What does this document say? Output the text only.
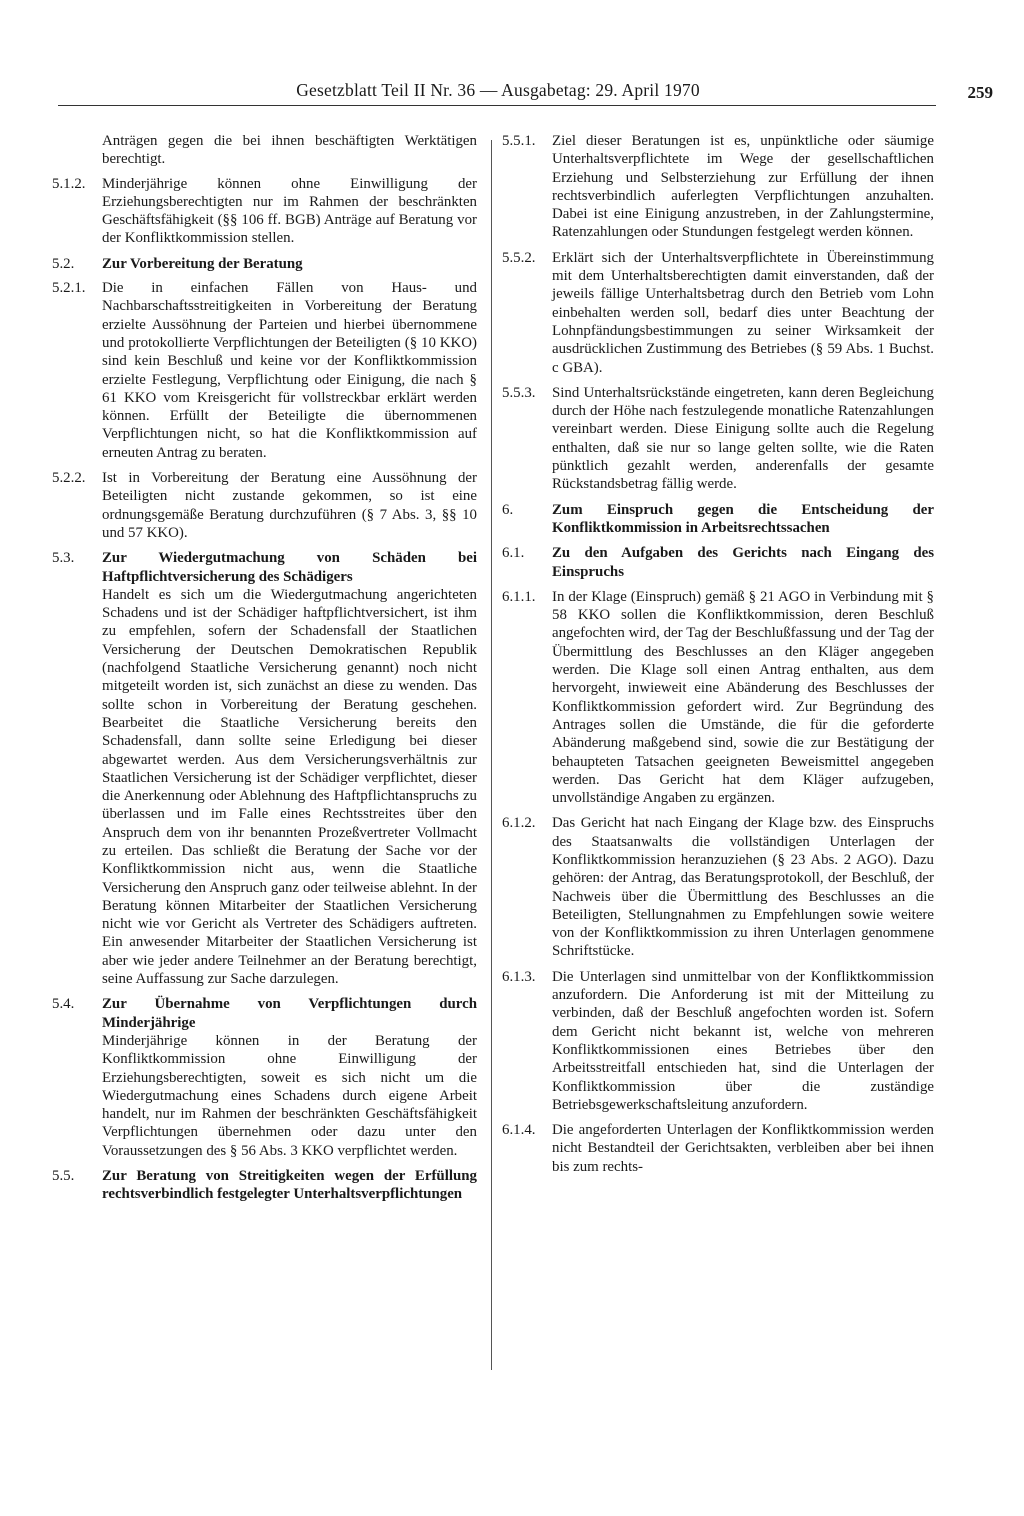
Gesetzblatt Teil II Nr. 36 — Ausgabetag: 29. April 1970	259
Anträgen gegen die bei ihnen beschäftigten Werktätigen berechtigt.
5.1.2.	Minderjährige können ohne Einwilligung der Erziehungsberechtigten nur im Rahmen der beschränkten Geschäftsfähigkeit (§§ 106 ff. BGB) Anträge auf Beratung vor der Konfliktkommission stellen.
5.2.	Zur Vorbereitung der Beratung
5.2.1.	Die in einfachen Fällen von Haus- und Nachbarschaftsstreitigkeiten in Vorbereitung der Beratung erzielte Aussöhnung der Parteien und hierbei übernommene und protokollierte Verpflichtungen der Beteiligten (§ 10 KKO) sind kein Beschluß und keine vor der Konfliktkommission erzielte Festlegung, Verpflichtung oder Einigung, die nach § 61 KKO vom Kreisgericht für vollstreckbar erklärt werden können. Erfüllt der Beteiligte die übernommenen Verpflichtungen nicht, so hat die Konfliktkommission auf erneuten Antrag zu beraten.
5.2.2.	Ist in Vorbereitung der Beratung eine Aussöhnung der Beteiligten nicht zustande gekommen, so ist eine ordnungsgemäße Beratung durchzuführen (§ 7 Abs. 3, §§ 10 und 57 KKO).
5.3.	Zur Wiedergutmachung von Schäden bei Haftpflichtversicherung des Schädigers
Handelt es sich um die Wiedergutmachung angerichteten Schadens und ist der Schädiger haftpflichtversichert, ist ihm zu empfehlen, sofern der Schadensfall der Staatlichen Versicherung der Deutschen Demokratischen Republik (nachfolgend Staatliche Versicherung genannt) noch nicht mitgeteilt worden ist, sich zunächst an diese zu wenden. Das sollte schon in Vorbereitung der Beratung geschehen. Bearbeitet die Staatliche Versicherung bereits den Schadensfall, dann sollte seine Erledigung bei dieser abgewartet werden. Aus dem Versicherungsverhältnis zur Staatlichen Versicherung ist der Schädiger verpflichtet, dieser die Anerkennung oder Ablehnung des Haftpflichtanspruchs zu überlassen und im Falle eines Rechtsstreites über den Anspruch dem von ihr benannten Prozeßvertreter Vollmacht zu erteilen. Das schließt die Beratung der Sache vor der Konfliktkommission nicht aus, wenn die Staatliche Versicherung den Anspruch ganz oder teilweise ablehnt. In der Beratung können Mitarbeiter der Staatlichen Versicherung nicht wie vor Gericht als Vertreter des Schädigers auftreten. Ein anwesender Mitarbeiter der Staatlichen Versicherung ist aber wie jeder andere Teilnehmer an der Beratung berechtigt, seine Auffassung zur Sache darzulegen.
5.4.	Zur Übernahme von Verpflichtungen durch Minderjährige
Minderjährige können in der Beratung der Konfliktkommission ohne Einwilligung der Erziehungsberechtigten, soweit es sich nicht um die Wiedergutmachung eines Schadens durch eigene Arbeit handelt, nur im Rahmen der beschränkten Geschäftsfähigkeit Verpflichtungen übernehmen oder dazu unter den Voraussetzungen des § 56 Abs. 3 KKO verpflichtet werden.
5.5.	Zur Beratung von Streitigkeiten wegen der Erfüllung rechtsverbindlich festgelegter Unterhaltsverpflichtungen
5.5.1.	Ziel dieser Beratungen ist es, unpünktliche oder säumige Unterhaltsverpflichtete im Wege der gesellschaftlichen Erziehung und Selbsterziehung zur Erfüllung der ihnen rechtsverbindlich auferlegten Verpflichtungen anzuhalten. Dabei ist eine Einigung anzustreben, in der Zahlungstermine, Ratenzahlungen oder Stundungen festgelegt werden können.
5.5.2.	Erklärt sich der Unterhaltsverpflichtete in Übereinstimmung mit dem Unterhaltsberechtigten damit einverstanden, daß der jeweils fällige Unterhaltsbetrag durch den Betrieb vom Lohn einbehalten werden soll, bedarf dies unter Beachtung der Lohnpfändungsbestimmungen zu seiner Wirksamkeit der ausdrücklichen Zustimmung des Betriebes (§ 59 Abs. 1 Buchst. c GBA).
5.5.3.	Sind Unterhaltsrückstände eingetreten, kann deren Begleichung durch der Höhe nach festzulegende monatliche Ratenzahlungen vereinbart werden. Diese Einigung sollte auch die Regelung enthalten, daß sie nur so lange gelten sollte, wie die Raten pünktlich gezahlt werden, anderenfalls der gesamte Rückstandsbetrag fällig werde.
6.	Zum Einspruch gegen die Entscheidung der Konfliktkommission in Arbeitsrechtssachen
6.1.	Zu den Aufgaben des Gerichts nach Eingang des Einspruchs
6.1.1.	In der Klage (Einspruch) gemäß § 21 AGO in Verbindung mit § 58 KKO sollen die Konfliktkommission, deren Beschluß angefochten wird, der Tag der Beschlußfassung und der Tag der Übermittlung des Beschlusses an den Kläger angegeben werden. Die Klage soll einen Antrag enthalten, aus dem hervorgeht, inwieweit eine Abänderung des Beschlusses der Konfliktkommission gefordert wird. Zur Begründung des Antrages sollen die Umstände, die für die geforderte Abänderung maßgebend sind, sowie die zur Bestätigung der behaupteten Tatsachen geeigneten Beweismittel angegeben werden. Das Gericht hat dem Kläger aufzugeben, unvollständige Angaben zu ergänzen.
6.1.2.	Das Gericht hat nach Eingang der Klage bzw. des Einspruchs des Staatsanwalts die vollständigen Unterlagen der Konfliktkommission heranzuziehen (§ 23 Abs. 2 AGO). Dazu gehören: der Antrag, das Beratungsprotokoll, der Beschluß, der Nachweis über die Übermittlung des Beschlusses an die Beteiligten, Stellungnahmen zu Empfehlungen sowie weitere von der Konfliktkommission zu ihren Unterlagen genommene Schriftstücke.
6.1.3.	Die Unterlagen sind unmittelbar von der Konfliktkommission anzufordern. Die Anforderung ist mit der Mitteilung zu verbinden, daß der Beschluß angefochten worden ist. Sofern dem Gericht nicht bekannt ist, welche von mehreren Konfliktkommissionen eines Betriebes über den Arbeitsstreitfall entschieden hat, sind die Unterlagen der Konfliktkommission über die zuständige Betriebsgewerkschaftsleitung anzufordern.
6.1.4.	Die angeforderten Unterlagen der Konfliktkommission werden nicht Bestandteil der Gerichtsakten, verbleiben aber bei ihnen bis zum rechts-
